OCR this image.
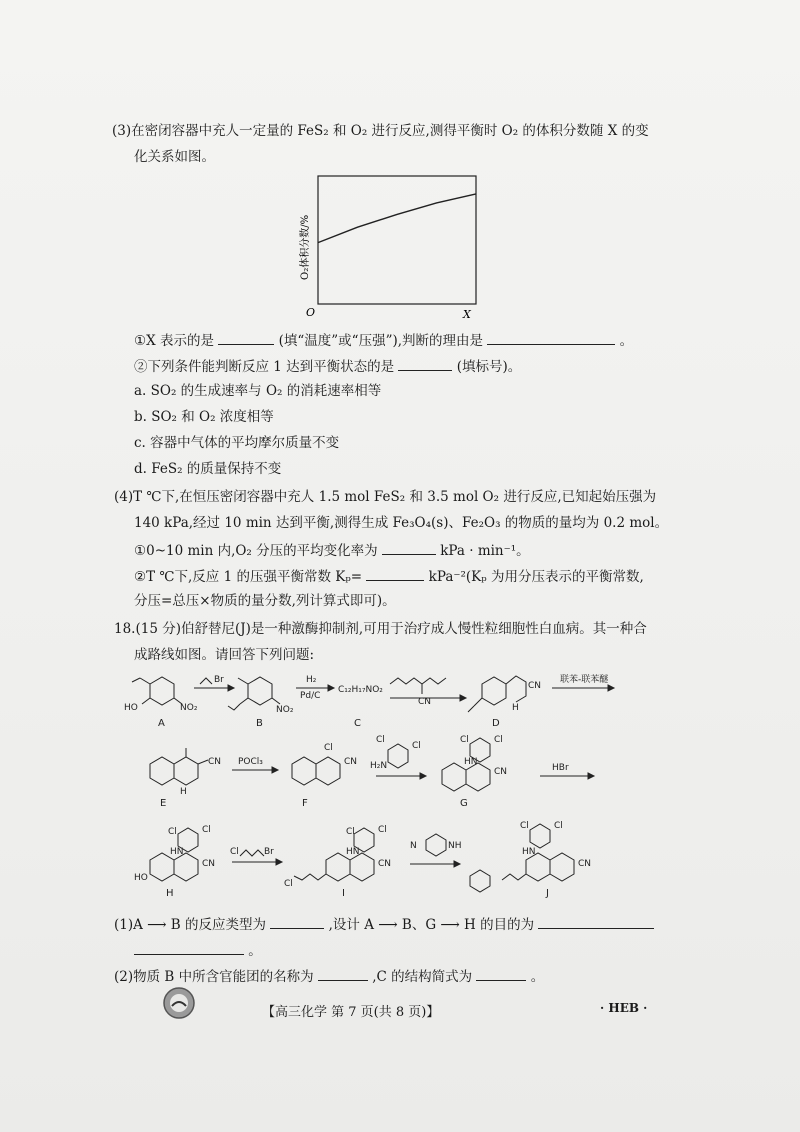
(3)在密闭容器中充人一定量的 FeS₂ 和 O₂ 进行反应,测得平衡时 O₂ 的体积分数随 X 的变
化关系如图。
O	X
O₂体积分数/%
①X 表示的是	(填“温度”或“压强”),判断的理由是	。
②下列条件能判断反应 1 达到平衡状态的是	(填标号)。
a. SO₂ 的生成速率与 O₂ 的消耗速率相等
b. SO₂ 和 O₂ 浓度相等
c. 容器中气体的平均摩尔质量不变
d. FeS₂ 的质量保持不变
(4)T ℃下,在恒压密闭容器中充人 1.5 mol FeS₂ 和 3.5 mol O₂ 进行反应,已知起始压强为
140 kPa,经过 10 min 达到平衡,测得生成 Fe₃O₄(s)、Fe₂O₃ 的物质的量均为 0.2 mol。
①0~10 min 内,O₂ 分压的平均变化率为	kPa · min⁻¹。
②T ℃下,反应 1 的压强平衡常数 Kₚ=	kPa⁻²(Kₚ 为用分压表示的平衡常数,
分压=总压×物质的量分数,列计算式即可)。
18.(15 分)伯舒替尼(J)是一种激酶抑制剂,可用于治疗成人慢性粒细胞性白血病。其一种合
成路线如图。请回答下列问题:
HO	NO₂
A
Br
NO₂
B
H₂
Pd/C
C₁₂H₁₇NO₂
C
CN
CN
H
D
联苯-联苯醚
CN
H
E
POCl₃
Cl
CN
F
Cl
Cl
H₂N
Cl	Cl
HN
CN
G
HBr
Cl	Cl
HN
CN
HO
H
Cl	Br
Cl
Cl	Cl
HN
CN
I
N	NH
Cl	Cl
HN
CN
J
(1)A ⟶ B 的反应类型为	,设计 A ⟶ B、G ⟶ H 的目的为
。
(2)物质 B 中所含官能团的名称为	,C 的结构简式为	。
【高三化学 第 7 页(共 8 页)】	· HEB ·
